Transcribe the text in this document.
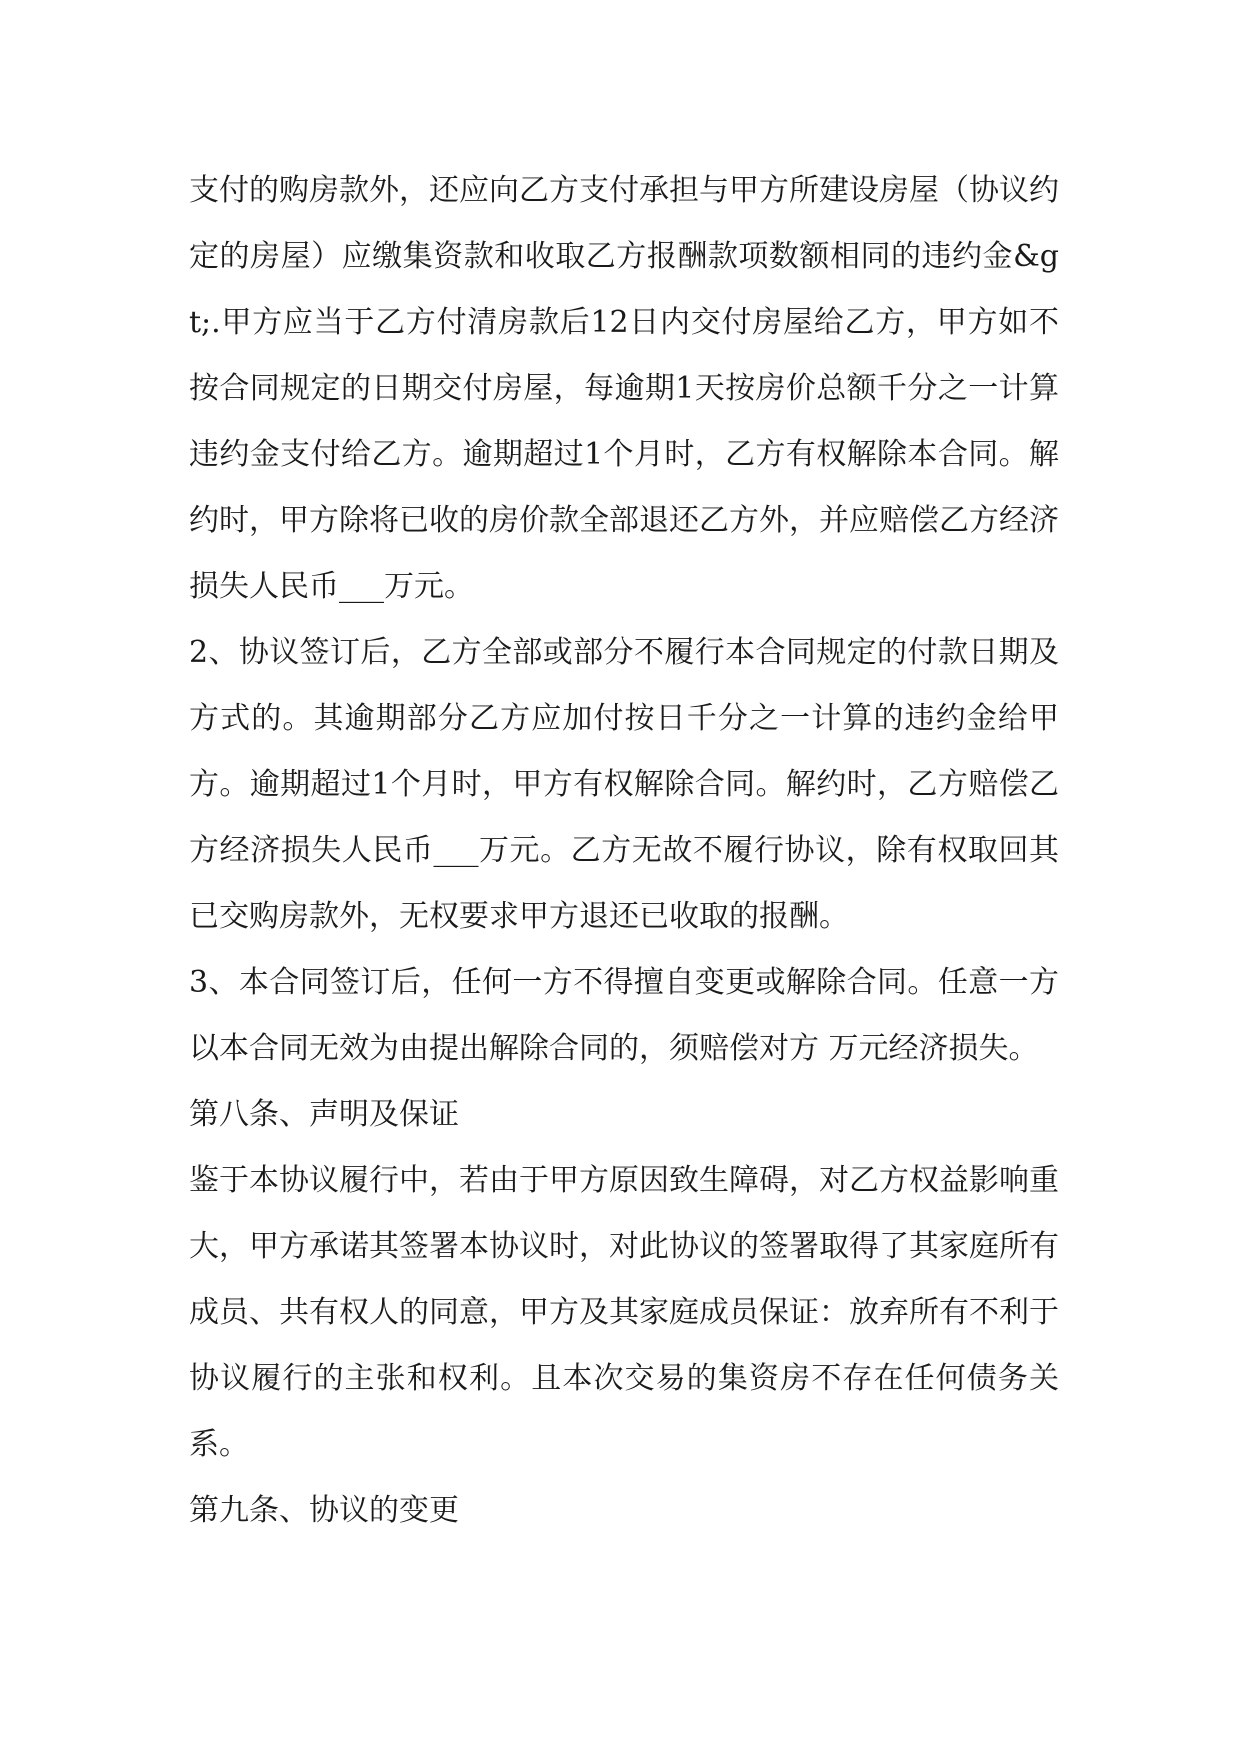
支付的购房款外，还应向乙方支付承担与甲方所建设房屋（协议约定的房屋）应缴集资款和收取乙方报酬款项数额相同的违约金&gt;.甲方应当于乙方付清房款后12日内交付房屋给乙方，甲方如不按合同规定的日期交付房屋，每逾期1天按房价总额千分之一计算违约金支付给乙方。逾期超过1个月时，乙方有权解除本合同。解约时，甲方除将已收的房价款全部退还乙方外，并应赔偿乙方经济损失人民币___万元。

2、协议签订后，乙方全部或部分不履行本合同规定的付款日期及方式的。其逾期部分乙方应加付按日千分之一计算的违约金给甲方。逾期超过1个月时，甲方有权解除合同。解约时，乙方赔偿乙方经济损失人民币___万元。乙方无故不履行协议，除有权取回其已交购房款外，无权要求甲方退还已收取的报酬。

3、本合同签订后，任何一方不得擅自变更或解除合同。任意一方以本合同无效为由提出解除合同的，须赔偿对方 万元经济损失。

第八条、声明及保证

鉴于本协议履行中，若由于甲方原因致生障碍，对乙方权益影响重大，甲方承诺其签署本协议时，对此协议的签署取得了其家庭所有成员、共有权人的同意，甲方及其家庭成员保证：放弃所有不利于协议履行的主张和权利。且本次交易的集资房不存在任何债务关系。

第九条、协议的变更
